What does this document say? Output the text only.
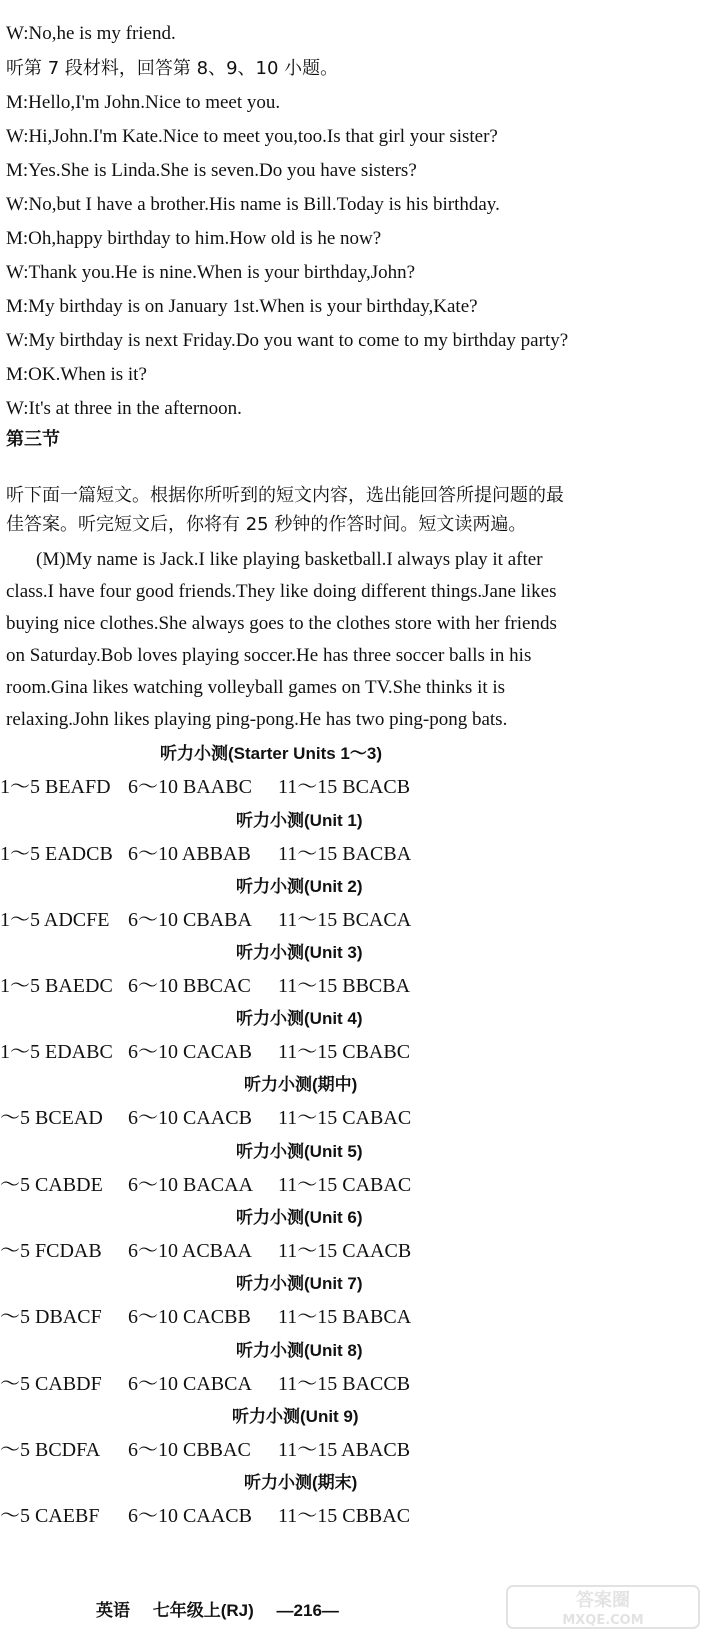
W:No,he is my friend.
听第 7 段材料，回答第 8、9、10 小题。
M:Hello,I'm John.Nice to meet you.
W:Hi,John.I'm Kate.Nice to meet you,too.Is that girl your sister?
M:Yes.She is Linda.She is seven.Do you have sisters?
W:No,but I have a brother.His name is Bill.Today is his birthday.
M:Oh,happy birthday to him.How old is he now?
W:Thank you.He is nine.When is your birthday,John?
M:My birthday is on January 1st.When is your birthday,Kate?
W:My birthday is next Friday.Do you want to come to my birthday party?
M:OK.When is it?
W:It's at three in the afternoon.
第三节
听下面一篇短文。根据你所听到的短文内容，选出能回答所提问题的最
佳答案。听完短文后，你将有 25 秒钟的作答时间。短文读两遍。
(M)My name is Jack.I like playing basketball.I always play it after
class.I have four good friends.They like doing different things.Jane likes
buying nice clothes.She always goes to the clothes store with her friends
on Saturday.Bob loves playing soccer.He has three soccer balls in his
room.Gina likes watching volleyball games on TV.She thinks it is
relaxing.John likes playing ping-pong.He has two ping-pong bats.
听力小测(Starter Units 1～3)
1～5 BEAFD 6～10 BAABC 11～15 BCACB
听力小测(Unit 1)
1～5 EADCB 6～10 ABBAB 11～15 BACBA
听力小测(Unit 2)
1～5 ADCFE 6～10 CBABA 11～15 BCACA
听力小测(Unit 3)
1～5 BAEDC 6～10 BBCAC 11～15 BBCBA
听力小测(Unit 4)
1～5 EDABC 6～10 CACAB 11～15 CBABC
听力小测(期中)
～5 BCEAD 6～10 CAACB 11～15 CABAC
听力小测(Unit 5)
～5 CABDE 6～10 BACAA 11～15 CABAC
听力小测(Unit 6)
～5 FCDAB 6～10 ACBAA 11～15 CAACB
听力小测(Unit 7)
～5 DBACF 6～10 CACBB 11～15 BABCA
听力小测(Unit 8)
～5 CABDF 6～10 CABCA 11～15 BACCB
听力小测(Unit 9)
～5 BCDFA 6～10 CBBAC 11～15 ABACB
听力小测(期末)
～5 CAEBF 6～10 CAACB 11～15 CBBAC
英语 七年级上(RJ) —216—	答案圈
MXQE.COM
